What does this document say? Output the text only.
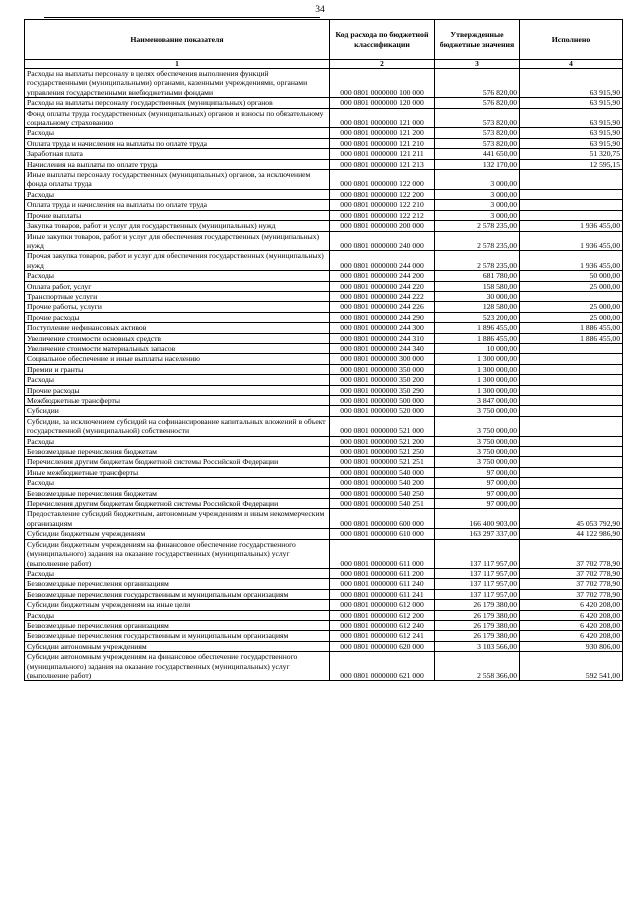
34
Наименование показателя	Код расхода по бюджетной классификации	Утвержденные бюджетные значения	Исполнено
1	2	3	4
Расходы на выплаты персоналу в целях обеспечения выполнения функций государственными (муниципальными) органами, казенными учреждениями, органами управления государственными внебюджетными фондами	000 0801 0000000 100 000	576 820,00	63 915,90
Расходы на выплаты персоналу государственных (муниципальных) органов	000 0801 0000000 120 000	576 820,00	63 915,90
Фонд оплаты труда государственных (муниципальных) органов и взносы по обязательному социальному страхованию	000 0801 0000000 121 000	573 820,00	63 915,90
Расходы	000 0801 0000000 121 200	573 820,00	63 915,90
Оплата труда и начисления на выплаты по оплате труда	000 0801 0000000 121 210	573 820,00	63 915,90
Заработная плата	000 0801 0000000 121 211	441 650,00	51 320,75
Начисления на выплаты по оплате труда	000 0801 0000000 121 213	132 170,00	12 595,15
Иные выплаты персоналу государственных (муниципальных) органов, за исключением фонда оплаты труда	000 0801 0000000 122 000	3 000,00	
Расходы	000 0801 0000000 122 200	3 000,00	
Оплата труда и начисления на выплаты по оплате труда	000 0801 0000000 122 210	3 000,00	
Прочие выплаты	000 0801 0000000 122 212	3 000,00	
Закупка товаров, работ и услуг для государственных (муниципальных) нужд	000 0801 0000000 200 000	2 578 235,00	1 936 455,00
Иные закупки товаров, работ и услуг для обеспечения государственных (муниципальных) нужд	000 0801 0000000 240 000	2 578 235,00	1 936 455,00
Прочая закупка товаров, работ и услуг для обеспечения государственных (муниципальных) нужд	000 0801 0000000 244 000	2 578 235,00	1 936 455,00
Расходы	000 0801 0000000 244 200	681 780,00	50 000,00
Оплата работ, услуг	000 0801 0000000 244 220	158 580,00	25 000,00
Транспортные услуги	000 0801 0000000 244 222	30 000,00	
Прочие работы, услуги	000 0801 0000000 244 226	128 580,00	25 000,00
Прочие расходы	000 0801 0000000 244 290	523 200,00	25 000,00
Поступление нефинансовых активов	000 0801 0000000 244 300	1 896 455,00	1 886 455,00
Увеличение стоимости основных средств	000 0801 0000000 244 310	1 886 455,00	1 886 455,00
Увеличение стоимости материальных запасов	000 0801 0000000 244 340	10 000,00	
Социальное обеспечение и иные выплаты населению	000 0801 0000000 300 000	1 300 000,00	
Премии и гранты	000 0801 0000000 350 000	1 300 000,00	
Расходы	000 0801 0000000 350 200	1 300 000,00	
Прочие расходы	000 0801 0000000 350 290	1 300 000,00	
Межбюджетные трансферты	000 0801 0000000 500 000	3 847 000,00	
Субсидии	000 0801 0000000 520 000	3 750 000,00	
Субсидии, за исключением субсидий на софинансирование капитальных вложений в объект государственной (муниципальной) собственности	000 0801 0000000 521 000	3 750 000,00	
Расходы	000 0801 0000000 521 200	3 750 000,00	
Безвозмездные перечисления бюджетам	000 0801 0000000 521 250	3 750 000,00	
Перечисления другим бюджетам бюджетной системы Российской Федерации	000 0801 0000000 521 251	3 750 000,00	
Иные межбюджетные трансферты	000 0801 0000000 540 000	97 000,00	
Расходы	000 0801 0000000 540 200	97 000,00	
Безвозмездные перечисления бюджетам	000 0801 0000000 540 250	97 000,00	
Перечисления другим бюджетам бюджетной системы Российской Федерации	000 0801 0000000 540 251	97 000,00	
Предоставление субсидий бюджетным, автономным учреждениям и иным некоммерческим организациям	000 0801 0000000 600 000	166 400 903,00	45 053 792,90
Субсидии бюджетным учреждениям	000 0801 0000000 610 000	163 297 337,00	44 122 986,90
Субсидии бюджетным учреждениям на финансовое обеспечение государственного (муниципального) задания на оказание государственных (муниципальных) услуг (выполнение работ)	000 0801 0000000 611 000	137 117 957,00	37 702 778,90
Расходы	000 0801 0000000 611 200	137 117 957,00	37 702 778,90
Безвозмездные перечисления организациям	000 0801 0000000 611 240	137 117 957,00	37 702 778,90
Безвозмездные перечисления государственным и муниципальным организациям	000 0801 0000000 611 241	137 117 957,00	37 702 778,90
Субсидии бюджетным учреждениям на иные цели	000 0801 0000000 612 000	26 179 380,00	6 420 208,00
Расходы	000 0801 0000000 612 200	26 179 380,00	6 420 208,00
Безвозмездные перечисления организациям	000 0801 0000000 612 240	26 179 380,00	6 420 208,00
Безвозмездные перечисления государственным и муниципальным организациям	000 0801 0000000 612 241	26 179 380,00	6 420 208,00
Субсидии автономным учреждениям	000 0801 0000000 620 000	3 103 566,00	930 806,00
Субсидии автономным учреждениям на финансовое обеспечение государственного (муниципального) задания на оказание государственных (муниципальных) услуг (выполнение работ)	000 0801 0000000 621 000	2 558 366,00	592 541,00
